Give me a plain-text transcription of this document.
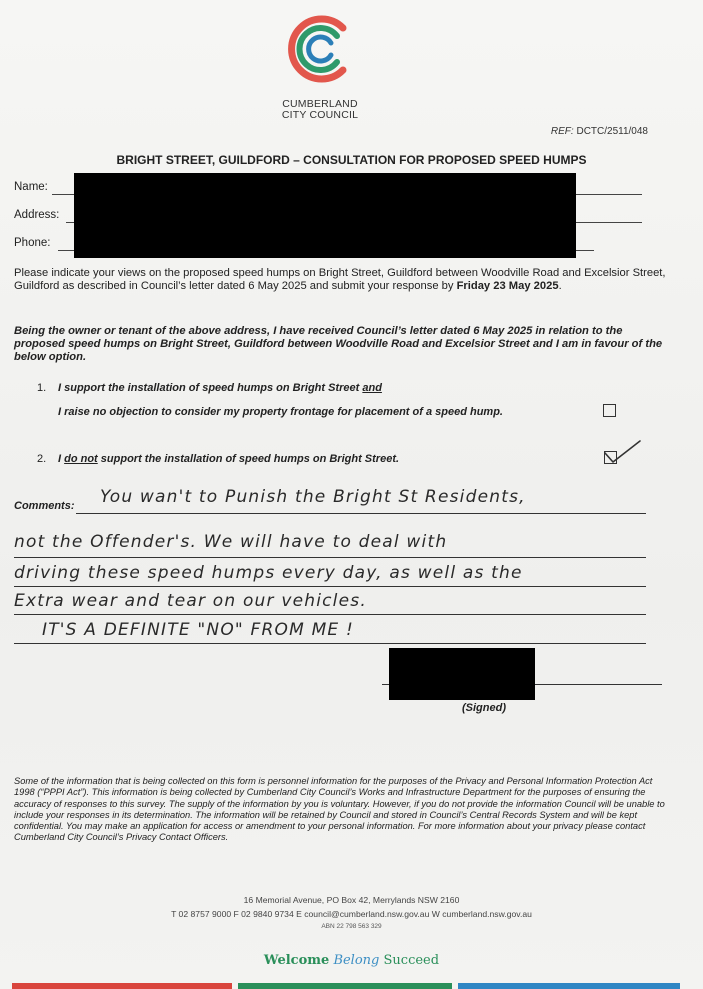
CUMBERLAND
CITY COUNCIL
REF: DCTC/2511/048
BRIGHT STREET, GUILDFORD – CONSULTATION FOR PROPOSED SPEED HUMPS
Name:
Address:
Phone:
Please indicate your views on the proposed speed humps on Bright Street, Guildford between Woodville Road and Excelsior Street, Guildford as described in Council’s letter dated 6 May 2025 and submit your response by Friday 23 May 2025.
Being the owner or tenant of the above address, I have received Council’s letter dated 6 May 2025 in relation to the proposed speed humps on Bright Street, Guildford between Woodville Road and Excelsior Street and I am in favour of the below option.
1. I support the installation of speed humps on Bright Street and
I raise no objection to consider my property frontage for placement of a speed hump.
2. I do not support the installation of speed humps on Bright Street.
Comments: You wan't to Punish the Bright St Residents,
not the Offender's. We will have to deal with
driving these speed humps every day, as well as the
Extra wear and tear on our vehicles.
IT'S A DEFINITE "NO" FROM ME !
(Signed)
Some of the information that is being collected on this form is personnel information for the purposes of the Privacy and Personal Information Protection Act 1998 (“PPPI Act”). This information is being collected by Cumberland City Council’s Works and Infrastructure Department for the purposes of ensuring the accuracy of responses to this survey. The supply of the information by you is voluntary. However, if you do not provide the information Council will be unable to include your responses in its determination. The information will be retained by Council and stored in Council’s Central Records System and will be kept confidential. You may make an application for access or amendment to your personal information. For more information about your privacy please contact Cumberland City Council’s Privacy Contact Officers.
16 Memorial Avenue, PO Box 42, Merrylands NSW 2160
T 02 8757 9000 F 02 9840 9734 E council@cumberland.nsw.gov.au W cumberland.nsw.gov.au
ABN 22 798 563 329
Welcome Belong Succeed
